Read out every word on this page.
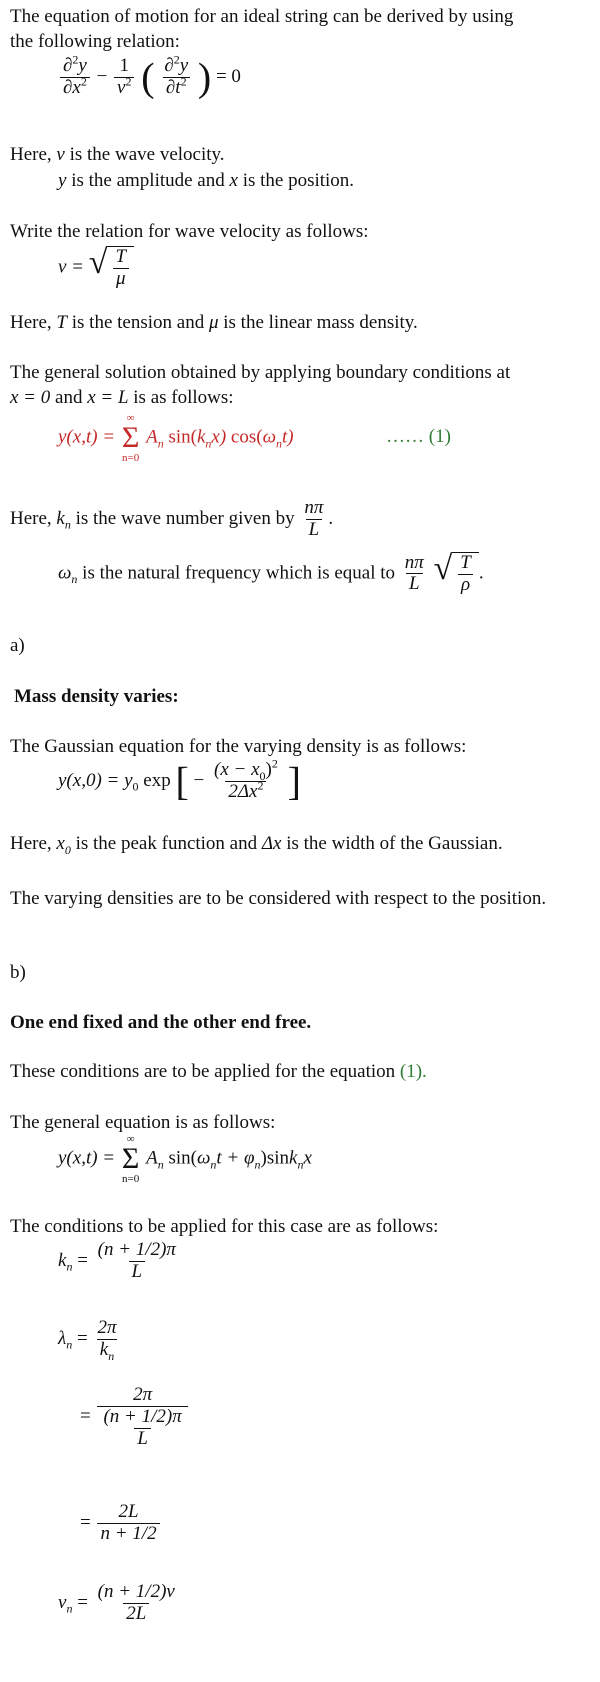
The equation of motion for an ideal string can be derived by using
the following relation:
$\frac{\partial^2y}{\partial x^2} - \frac{1}{v^2}$ ( $\frac{\partial^2y}{\partial t^2}$ ) = 0
Here, v is the wave velocity.
y is the amplitude and x is the position.
Write the relation for wave velocity as follows:
v = √ $\frac{T}{\mu}$
Here, T is the tension and μ is the linear mass density.
The general solution obtained by applying boundary conditions at
x = 0 and x = L is as follows:
y(x,t) =
∞
Σ
n=0
$A_n$ $\sin(k_nx)$ $\cos(\omega_nt)$	…… (1)
Here, $k_n$ is the wave number given by $\frac{n\pi}{L}$ .
$\omega_n$ is the natural frequency which is equal to $\frac{n\pi}{L}$
√ $\frac{T}{\rho}$ .
a)
Mass density varies:
The Gaussian equation for the varying density is as follows:
$y(x,0) = y_0$ exp [ − $\frac{(x - x_0)^2}{2\Delta x^2}$ ]
Here, $x_0$ is the peak function and Δx is the width of the Gaussian.
The varying densities are to be considered with respect to the position.
b)
One end fixed and the other end free.
These conditions are to be applied for the equation (1).
The general equation is as follows:
y(x,t) =
∞
Σ
n=0
$A_n$ $\sin(\omega_nt + \varphi_n)\sin k_nx$
The conditions to be applied for this case are as follows:
$k_n = \frac{(n + 1/2)\pi}{L}$
$\lambda_n = \frac{2\pi}{k_n}$
= $\frac{2\pi}{\frac{(n + 1/2)\pi}{L}}$
= $\frac{2L}{n + 1/2}$
$v_n = \frac{(n + 1/2)v}{2L}$
